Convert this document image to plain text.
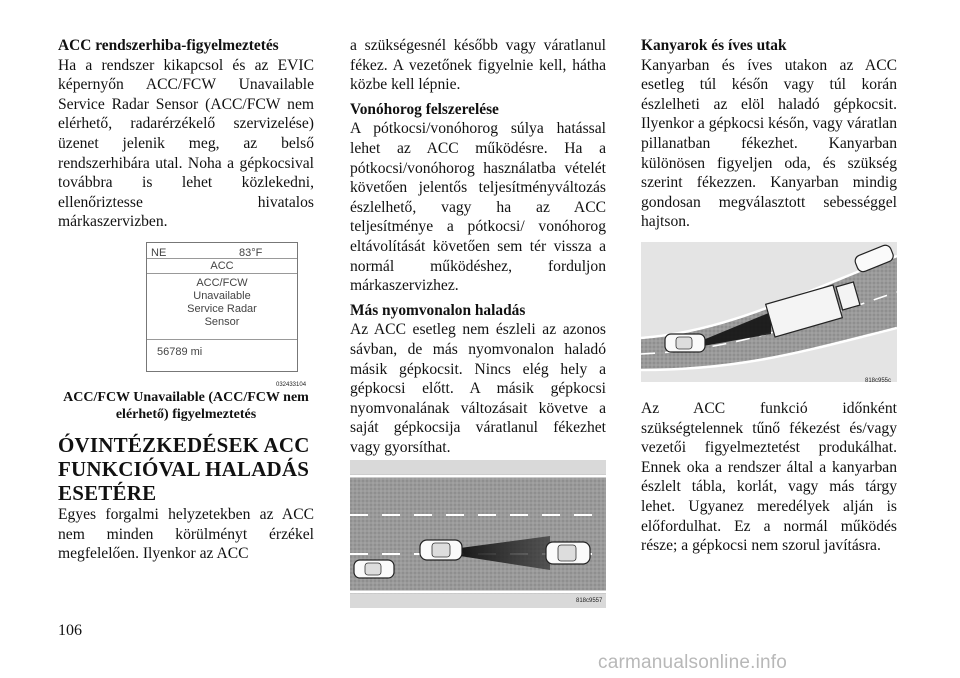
ACC rendszerhiba-figyelmeztetés

Ha a rendszer kikapcsol és az EVIC képernyőn ACC/FCW Unavailable Service Radar Sensor (ACC/FCW nem elérhető, radarérzékelő szervizelése) üzenet jelenik meg, az belső rendszerhibára utal. Noha a gépkocsival továbbra is lehet közlekedni, ellenőriztesse hivatalos márkaszervizben.

NE	83°F
ACC
ACC/FCW
Unavailable
Service Radar
Sensor
56789 mi
032433104
ACC/FCW Unavailable (ACC/FCW nem elérhető) figyelmeztetés
ÓVINTÉZKEDÉSEK ACC FUNKCIÓVAL HALADÁS ESETÉRE

Egyes forgalmi helyzetekben az ACC nem minden körülményt érzékel megfelelően. Ilyenkor az ACC

a szükségesnél később vagy váratlanul fékez. A vezetőnek figyelnie kell, hátha közbe kell lépnie.

Vonóhorog felszerelése

A pótkocsi/vonóhorog súlya hatással lehet az ACC működésre. Ha a pótkocsi/vonóhorog használatba vételét követően jelentős teljesítményváltozás észlelhető, vagy ha az ACC teljesítménye a pótkocsi/ vonóhorog eltávolítását követően sem tér vissza a normál működéshez, forduljon márkaszervizhez.

Más nyomvonalon haladás

Az ACC esetleg nem észleli az azonos sávban, de más nyomvonalon haladó másik gépkocsit. Nincs elég hely a gépkocsi előtt. A másik gépkocsi nyomvonalának változásait követve a saját gépkocsija váratlanul fékezhet vagy gyorsíthat.

818c9557
Kanyarok és íves utak

Kanyarban és íves utakon az ACC esetleg túl későn vagy túl korán észlelheti az elöl haladó gépkocsit. Ilyenkor a gépkocsi későn, vagy váratlan pillanatban fékezhet. Kanyarban különösen figyeljen oda, és szükség szerint fékezzen. Kanyarban mindig gondosan megválasztott sebességgel hajtson.

818c955c

Az ACC funkció időnként szükségtelennek tűnő fékezést és/vagy vezetői figyelmeztetést produkálhat. Ennek oka a rendszer által a kanyarban észlelt tábla, korlát, vagy más tárgy lehet. Ugyanez meredélyek alján is előfordulhat. Ez a normál működés része; a gépkocsi nem szorul javításra.

106
carmanualsonline.info
